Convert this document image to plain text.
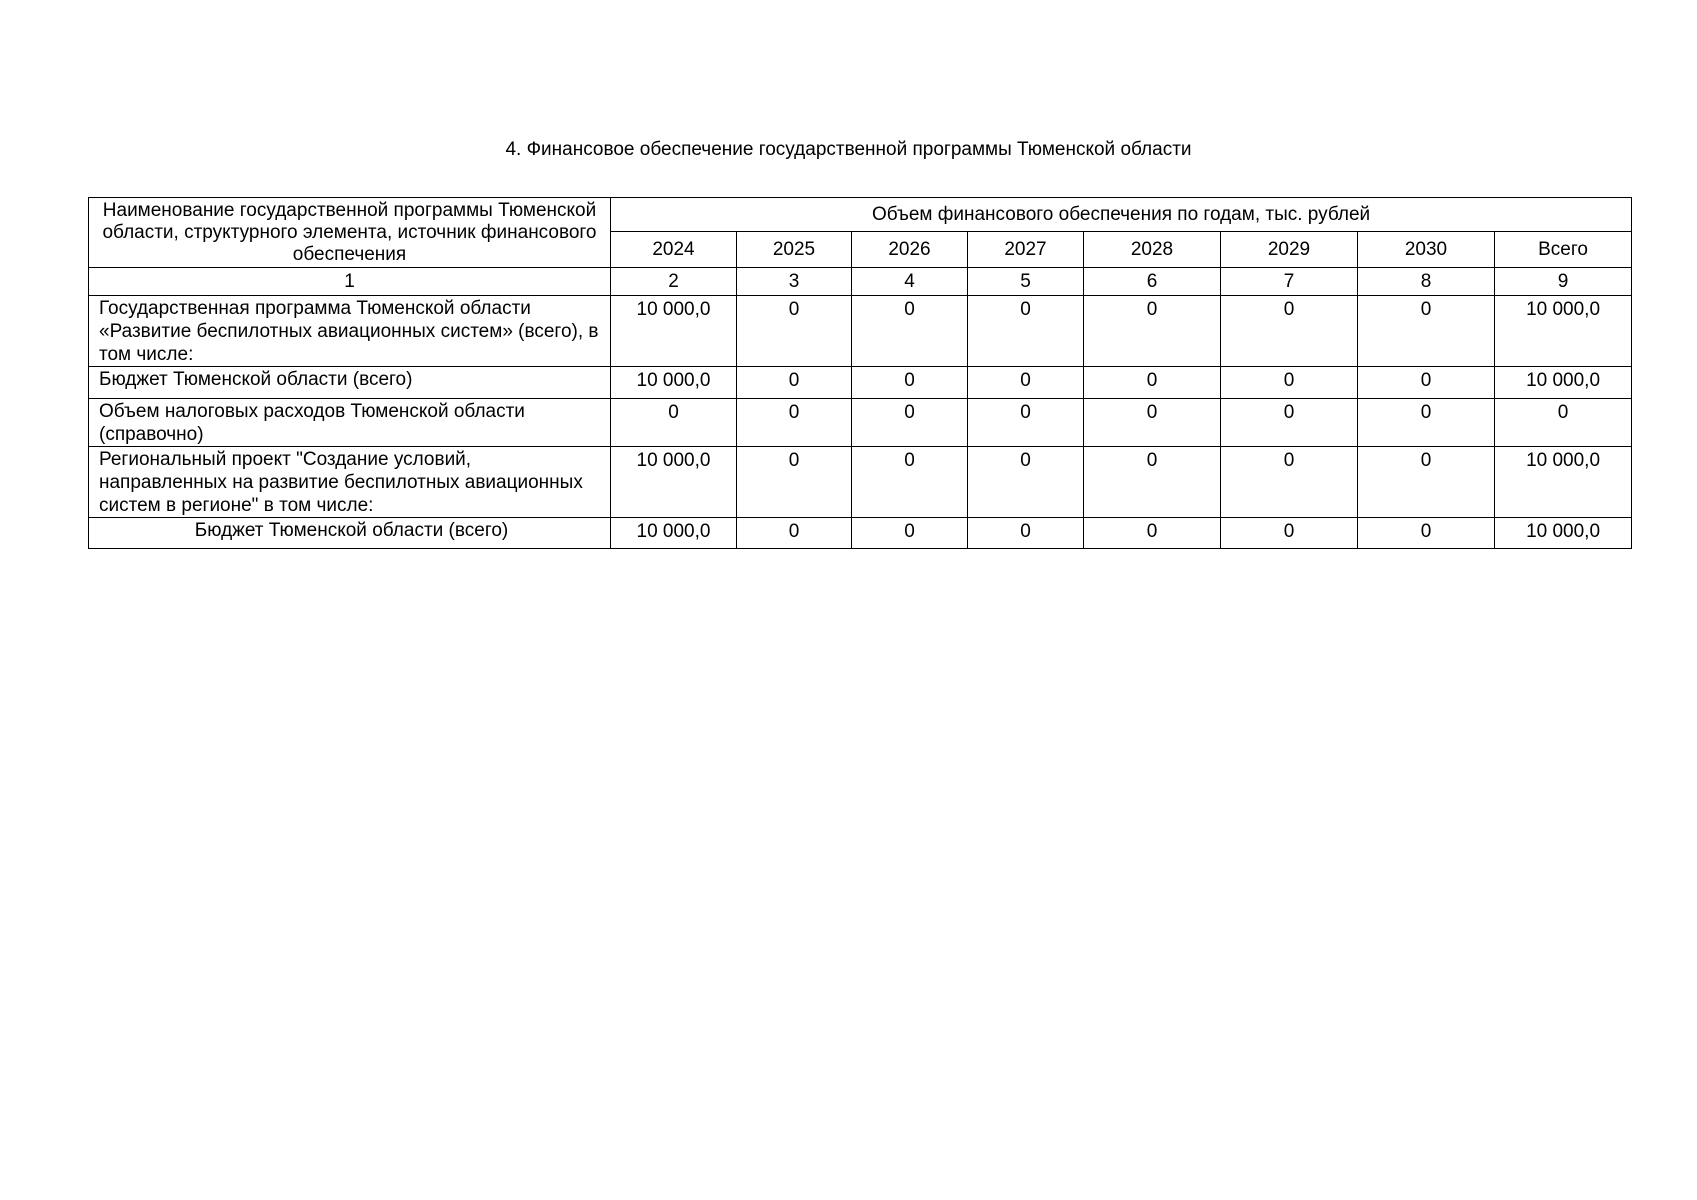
4. Финансовое обеспечение государственной программы Тюменской области
Наименование государственной программы Тюменской области, структурного элемента, источник финансового обеспечения	Объем финансового обеспечения по годам, тыс. рублей							
	2024	2025	2026	2027	2028	2029	2030	Всего
1	2	3	4	5	6	7	8	9
Государственная программа Тюменской области «Развитие беспилотных авиационных систем» (всего), в том числе:	10 000,0	0	0	0	0	0	0	10 000,0
Бюджет Тюменской области (всего)	10 000,0	0	0	0	0	0	0	10 000,0
Объем налоговых расходов Тюменской области (справочно)	0	0	0	0	0	0	0	0
Региональный проект "Создание условий, направленных на развитие беспилотных авиационных систем в регионе" в том числе:	10 000,0	0	0	0	0	0	0	10 000,0
Бюджет Тюменской области (всего)	10 000,0	0	0	0	0	0	0	10 000,0
